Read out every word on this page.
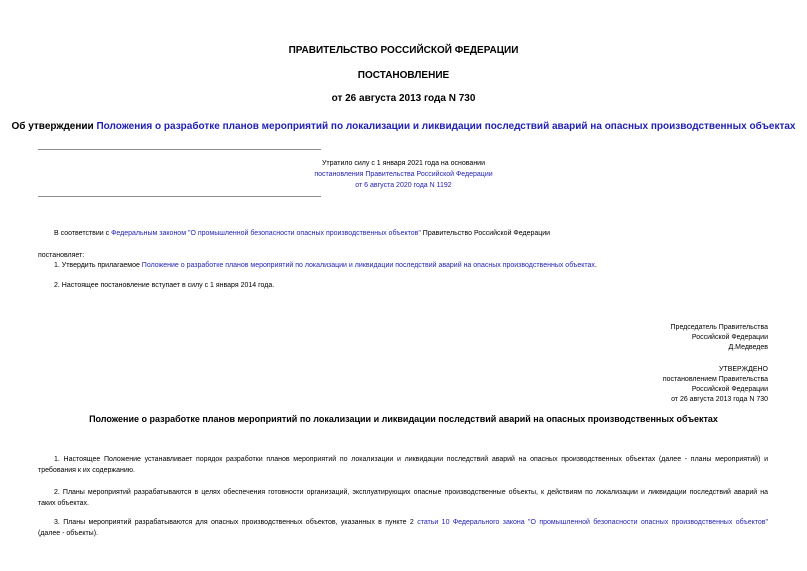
ПРАВИТЕЛЬСТВО РОССИЙСКОЙ ФЕДЕРАЦИИ
ПОСТАНОВЛЕНИЕ
от 26 августа 2013 года N 730
Об утверждении Положения о разработке планов мероприятий по локализации и ликвидации последствий аварий на опасных производственных объектах
Утратило силу с 1 января 2021 года на основании
постановления Правительства Российской Федерации
от 6 августа 2020 года N 1192
В соответствии с Федеральным законом "О промышленной безопасности опасных производственных объектов" Правительство Российской Федерации
постановляет:
1. Утвердить прилагаемое Положение о разработке планов мероприятий по локализации и ликвидации последствий аварий на опасных производственных объектах.
2. Настоящее постановление вступает в силу с 1 января 2014 года.
Председатель Правительства
Российской Федерации
Д.Медведев
УТВЕРЖДЕНО
постановлением Правительства
Российской Федерации
от 26 августа 2013 года N 730
Положение о разработке планов мероприятий по локализации и ликвидации последствий аварий на опасных производственных объектах
1. Настоящее Положение устанавливает порядок разработки планов мероприятий по локализации и ликвидации последствий аварий на опасных производственных объектах (далее - планы мероприятий) и
требования к их содержанию.
2. Планы мероприятий разрабатываются в целях обеспечения готовности организаций, эксплуатирующих опасные производственные объекты, к действиям по локализации и ликвидации последствий аварий на
таких объектах.
3. Планы мероприятий разрабатываются для опасных производственных объектов, указанных в пункте 2 статьи 10 Федерального закона "О промышленной безопасности опасных производственных объектов"
(далее - объекты).
